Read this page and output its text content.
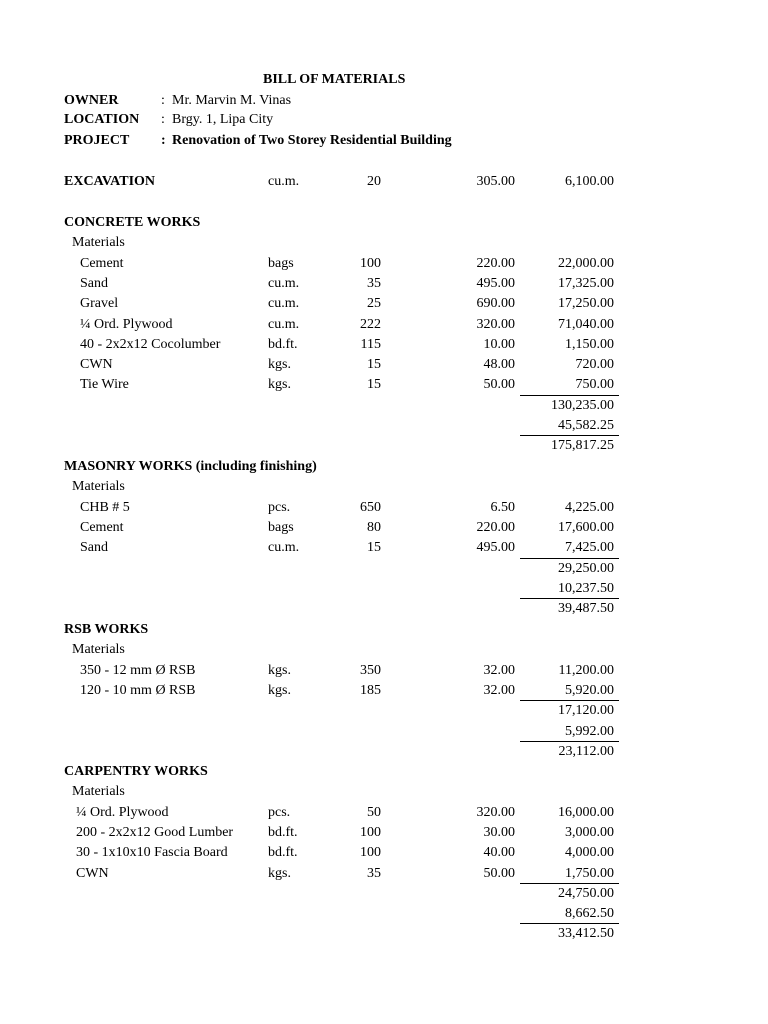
BILL OF MATERIALS
OWNER	: Mr. Marvin M. Vinas
LOCATION : Brgy. 1, Lipa City
PROJECT : Renovation of Two Storey Residential Building
EXCAVATION	cu.m.	20	305.00	6,100.00
CONCRETE WORKS
Materials
Cement	bags	100	220.00	22,000.00
Sand	cu.m.	35	495.00	17,325.00
Gravel	cu.m.	25	690.00	17,250.00
¼ Ord. Plywood	cu.m.	222	320.00	71,040.00
40 - 2x2x12 Cocolumber	bd.ft.	115	10.00	1,150.00
CWN	kgs.	15	48.00	720.00
Tie Wire	kgs.	15	50.00	750.00
130,235.00
45,582.25
175,817.25
MASONRY WORKS (including finishing)
Materials
CHB # 5	pcs.	650	6.50	4,225.00
Cement	bags	80	220.00	17,600.00
Sand	cu.m.	15	495.00	7,425.00
29,250.00
10,237.50
39,487.50
RSB WORKS
Materials
350 - 12 mm Ø RSB	kgs.	350	32.00	11,200.00
120 - 10 mm Ø RSB	kgs.	185	32.00	5,920.00
17,120.00
5,992.00
23,112.00
CARPENTRY WORKS
Materials
¼ Ord. Plywood	pcs.	50	320.00	16,000.00
200 - 2x2x12 Good Lumber bd.ft.	100	30.00	3,000.00
30 - 1x10x10 Fascia Board	bd.ft.	100	40.00	4,000.00
CWN	kgs.	35	50.00	1,750.00
24,750.00
8,662.50
33,412.50
